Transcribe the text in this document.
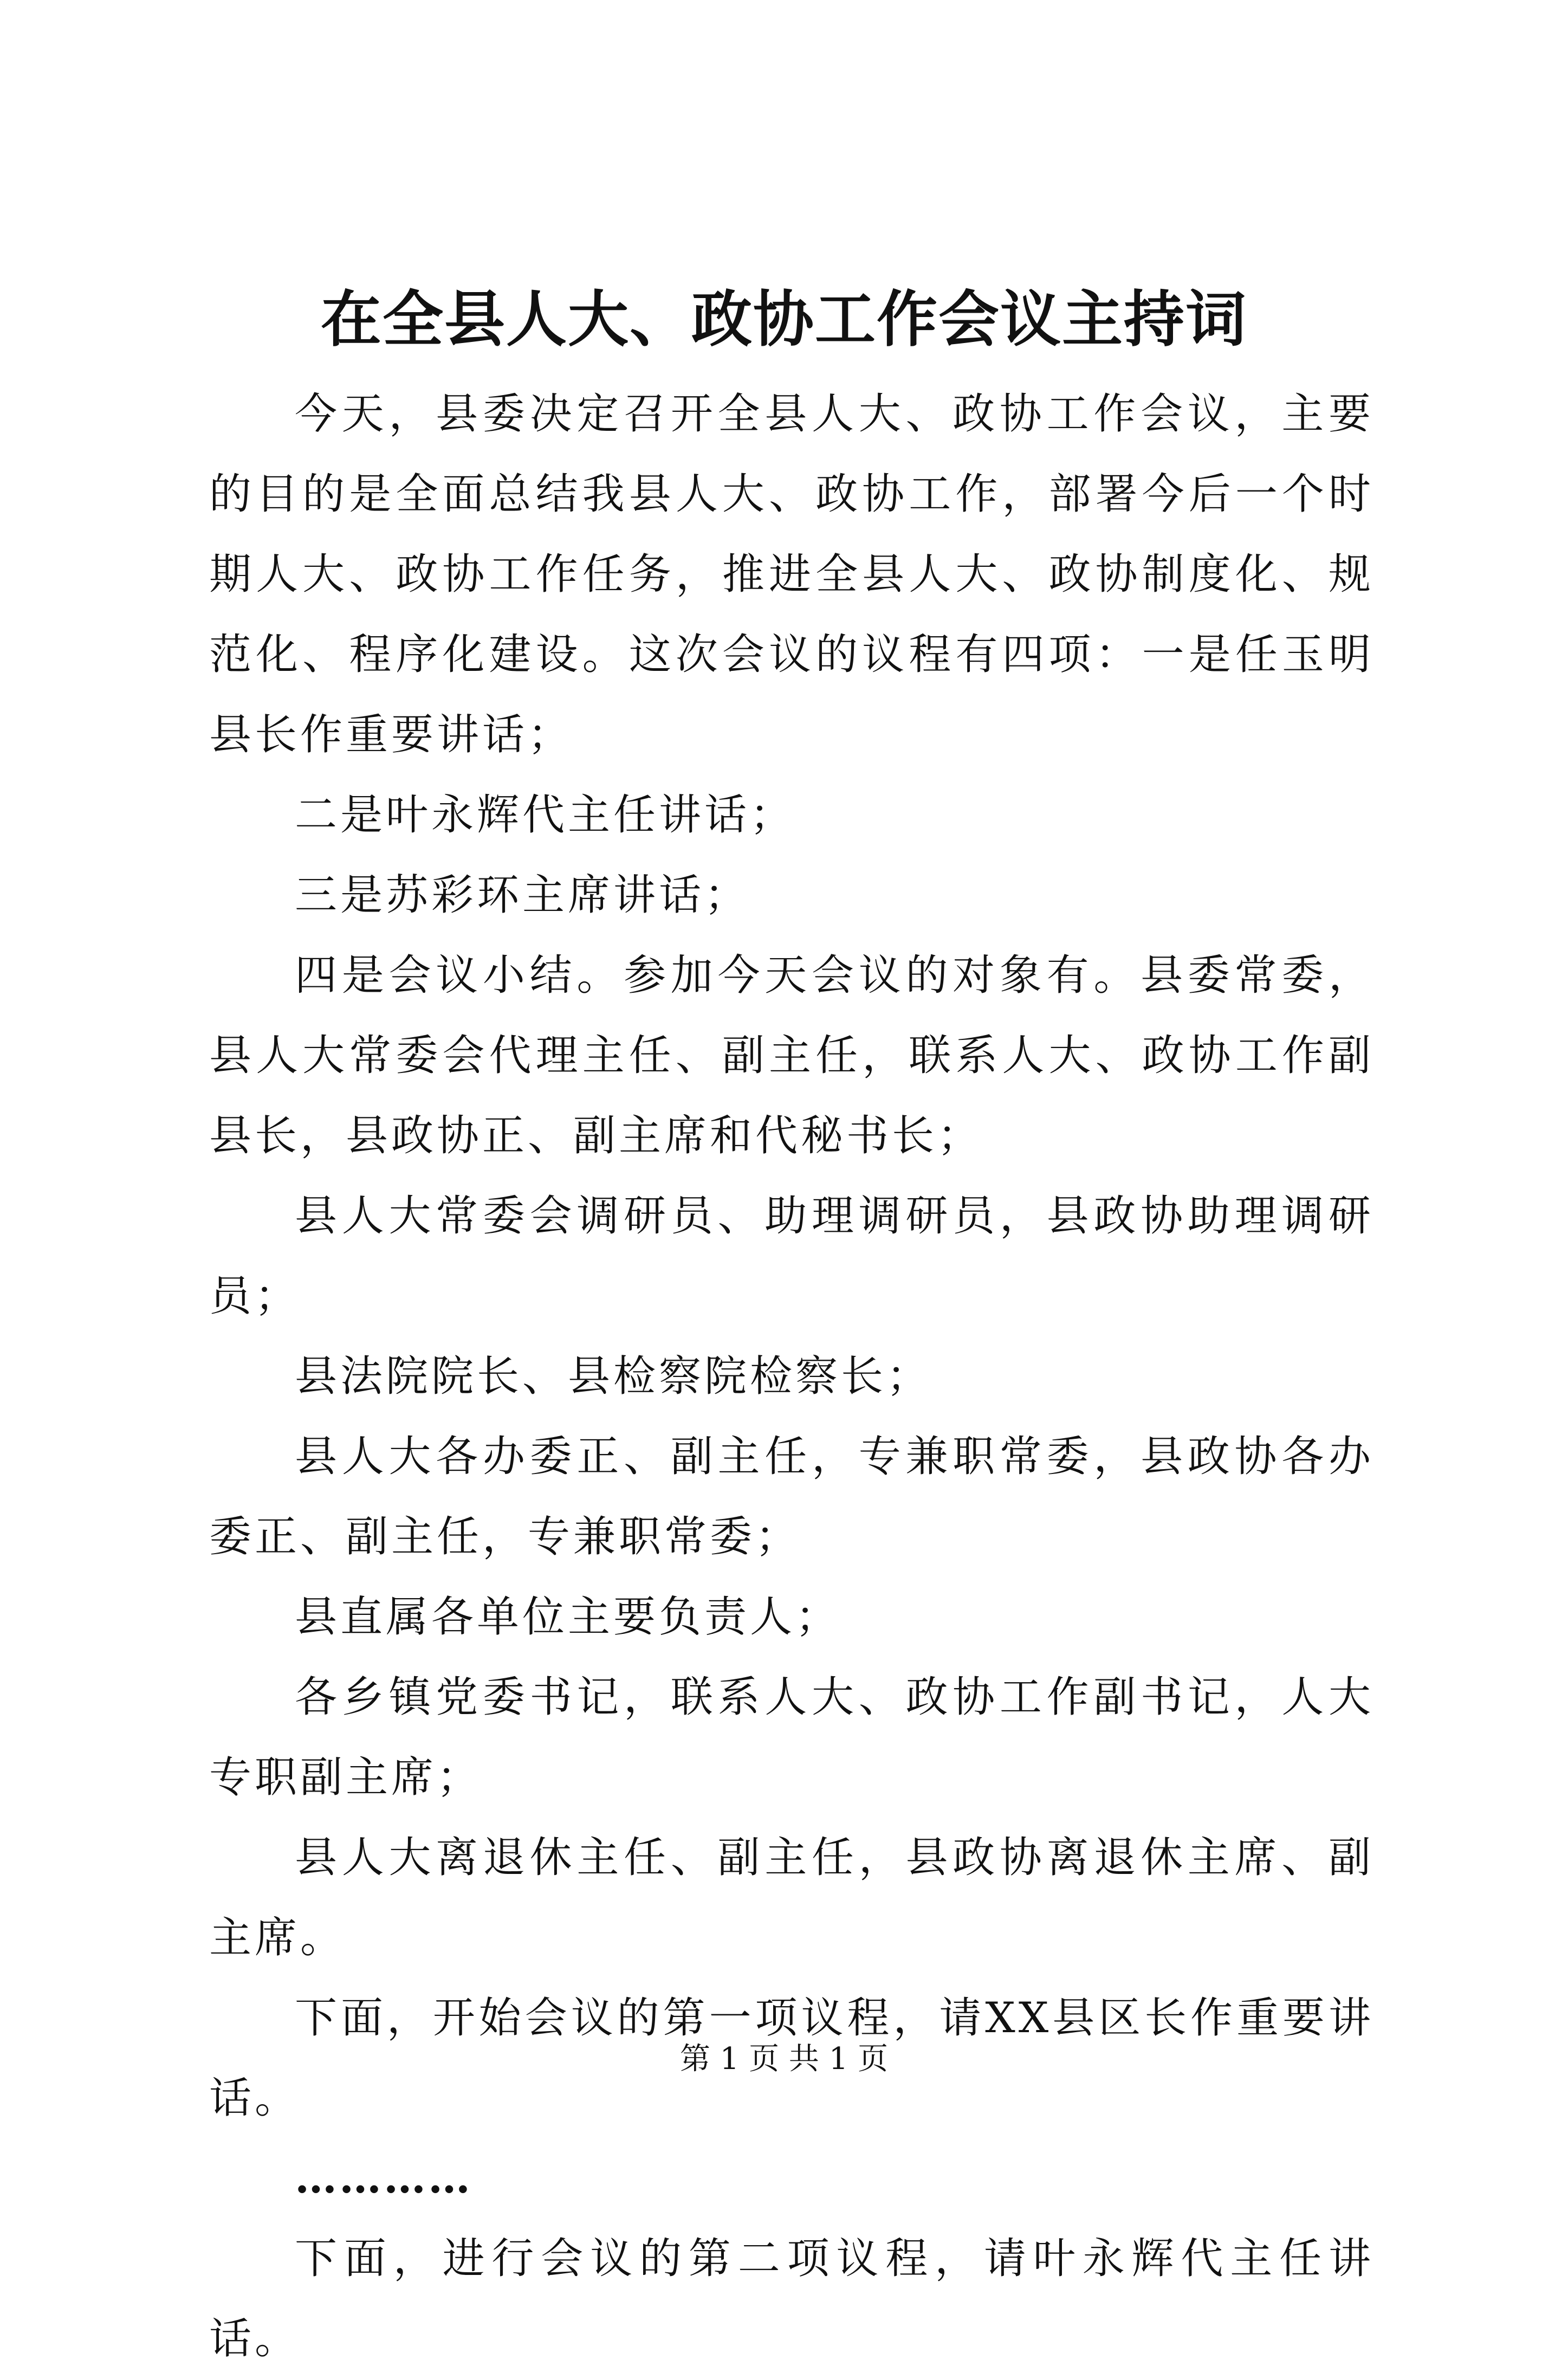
在全县人大、政协工作会议主持词

今天，县委决定召开全县人大、政协工作会议，主要的目的是全面总结我县人大、政协工作，部署今后一个时期人大、政协工作任务，推进全县人大、政协制度化、规范化、程序化建设。这次会议的议程有四项：一是任玉明县长作重要讲话；

二是叶永辉代主任讲话；

三是苏彩环主席讲话；

四是会议小结。参加今天会议的对象有。县委常委，县人大常委会代理主任、副主任，联系人大、政协工作副县长，县政协正、副主席和代秘书长；

县人大常委会调研员、助理调研员，县政协助理调研员；

县法院院长、县检察院检察长；

县人大各办委正、副主任，专兼职常委，县政协各办委正、副主任，专兼职常委；

县直属各单位主要负责人；

各乡镇党委书记，联系人大、政协工作副书记，人大专职副主席；

县人大离退休主任、副主任，县政协离退休主席、副主席。

下面，开始会议的第一项议程，请XX县区长作重要讲话。

…………

下面，进行会议的第二项议程，请叶永辉代主任讲话。

第 1 页 共 1 页
